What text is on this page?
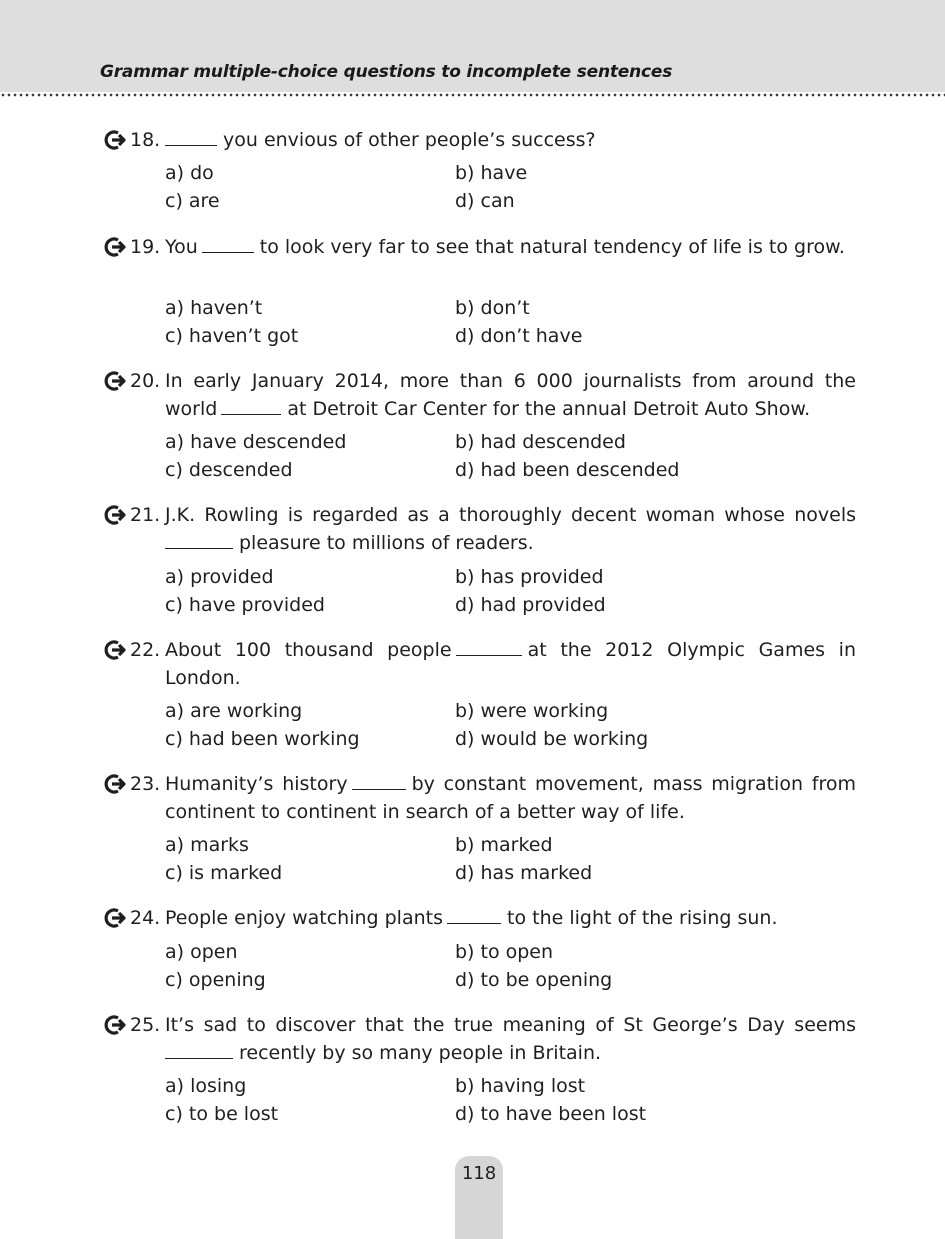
Grammar multiple-choice questions to incomplete sentences
18.	you envious of other people’s success?
a) do	b) have
c) are	d) can
19. You	to look very far to see that natural tendency of life is to grow.
a) haven’t	b) don’t
c) haven’t got	d) don’t have
20. In early January 2014, more than 6 000 journalists from around the world	at Detroit Car Center for the annual Detroit Auto Show.
a) have descended	b) had descended
c) descended	d) had been descended
21. J.K. Rowling is regarded as a thoroughly decent woman whose novels pleasure to millions of readers.
a) provided	b) has provided
c) have provided	d) had provided
22. About 100 thousand people	at the 2012 Olympic Games in London.
a) are working	b) were working
c) had been working	d) would be working
23. Humanity’s history	by constant movement, mass migration from continent to continent in search of a better way of life.
a) marks	b) marked
c) is marked	d) has marked
24. People enjoy watching plants	to the light of the rising sun.
a) open	b) to open
c) opening	d) to be opening
25. It’s sad to discover that the true meaning of St George’s Day seems recently by so many people in Britain.
a) losing	b) having lost
c) to be lost	d) to have been lost
118
